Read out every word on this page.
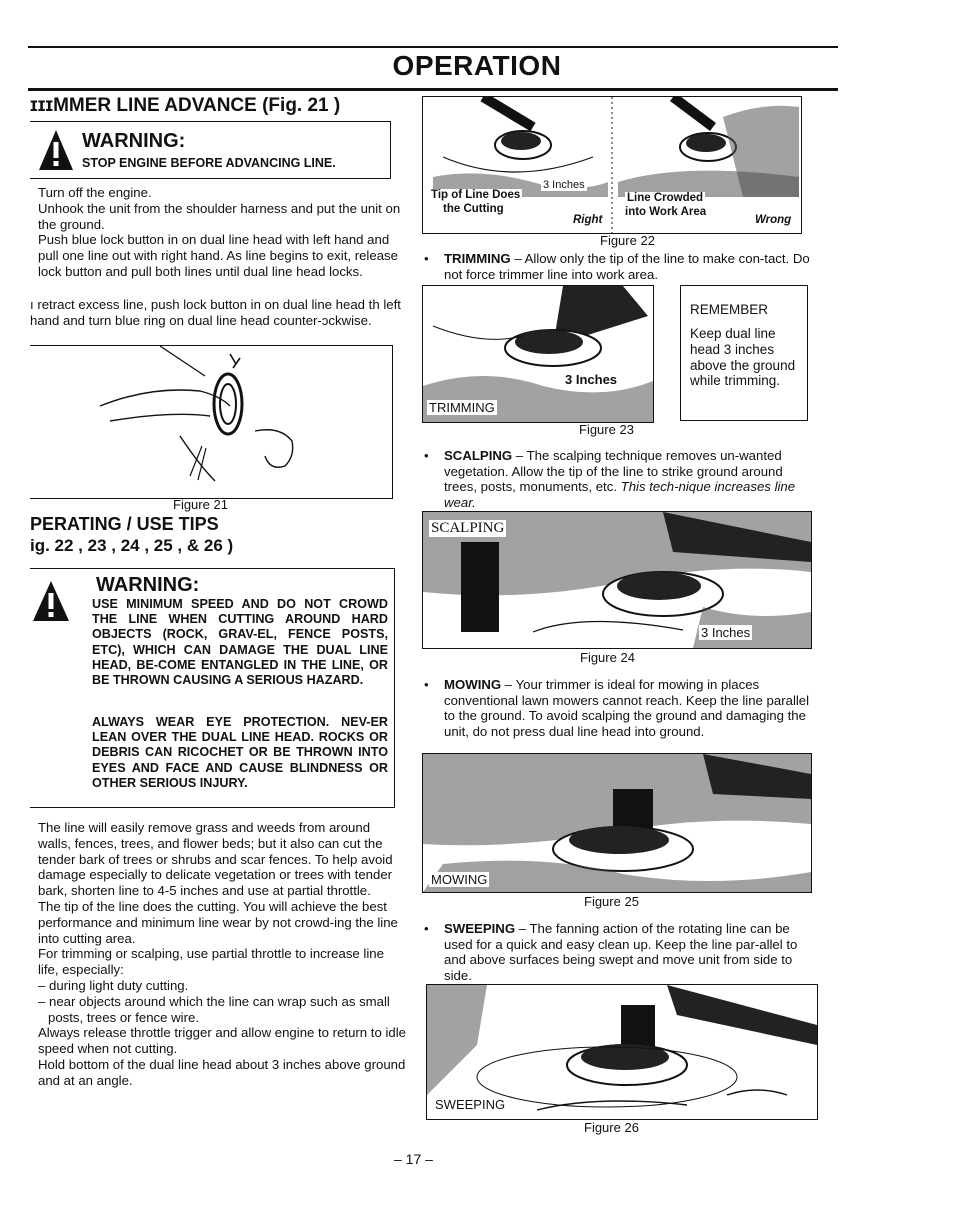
OPERATION
ɪɪɪMMER LINE ADVANCE (Fig. 21 )
WARNING:
STOP ENGINE BEFORE ADVANCING LINE.

Turn off the engine.

Unhook the unit from the shoulder harness and put the unit on the ground.

Push blue lock button in on dual line head with left hand and pull one line out with right hand. As line begins to exit, release lock button and pull both lines until dual line head locks.

ı retract excess line, push lock button in on dual line head th left hand and turn blue ring on dual line head counter-ɔckwise.
Figure 21
PERATING / USE TIPS
ig. 22 , 23 , 24 , 25 , & 26 )
WARNING:
USE MINIMUM SPEED AND DO NOT CROWD THE LINE WHEN CUTTING AROUND HARD OBJECTS (ROCK, GRAV-EL, FENCE POSTS, ETC), WHICH CAN DAMAGE THE DUAL LINE HEAD, BE-COME ENTANGLED IN THE LINE, OR BE THROWN CAUSING A SERIOUS HAZARD.
ALWAYS WEAR EYE PROTECTION. NEV-ER LEAN OVER THE DUAL LINE HEAD. ROCKS OR DEBRIS CAN RICOCHET OR BE THROWN INTO EYES AND FACE AND CAUSE BLINDNESS OR OTHER SERIOUS INJURY.

The line will easily remove grass and weeds from around walls, fences, trees, and flower beds; but it also can cut the tender bark of trees or shrubs and scar fences. To help avoid damage especially to delicate vegetation or trees with tender bark, shorten line to 4-5 inches and use at partial throttle.

The tip of the line does the cutting. You will achieve the best performance and minimum line wear by not crowd-ing the line into cutting area.

For trimming or scalping, use partial throttle to increase line life, especially:

– during light duty cutting.

– near objects around which the line can wrap such as small posts, trees or fence wire.

Always release throttle trigger and allow engine to return to idle speed when not cutting.

Hold bottom of the dual line head about 3 inches above ground and at an angle.

Tip of Line Does
the Cutting
3 Inches
Right
Line Crowded
into Work Area
Wrong
Figure 22
•	TRIMMING – Allow only the tip of the line to make con-tact. Do not force trimmer line into work area.
3 Inches
TRIMMING
Figure 23
REMEMBER
Keep dual line head 3 inches above the ground while trimming.
•	SCALPING – The scalping technique removes un-wanted vegetation. Allow the tip of the line to strike ground around trees, posts, monuments, etc. This tech-nique increases line wear.
SCALPING
3 Inches
Figure 24
•	MOWING – Your trimmer is ideal for mowing in places conventional lawn mowers cannot reach. Keep the line parallel to the ground. To avoid scalping the ground and damaging the unit, do not press dual line head into ground.
MOWING
Figure 25
•	SWEEPING – The fanning action of the rotating line can be used for a quick and easy clean up. Keep the line par-allel to and above surfaces being swept and move unit from side to side.
SWEEPING
Figure 26
– 17 –
